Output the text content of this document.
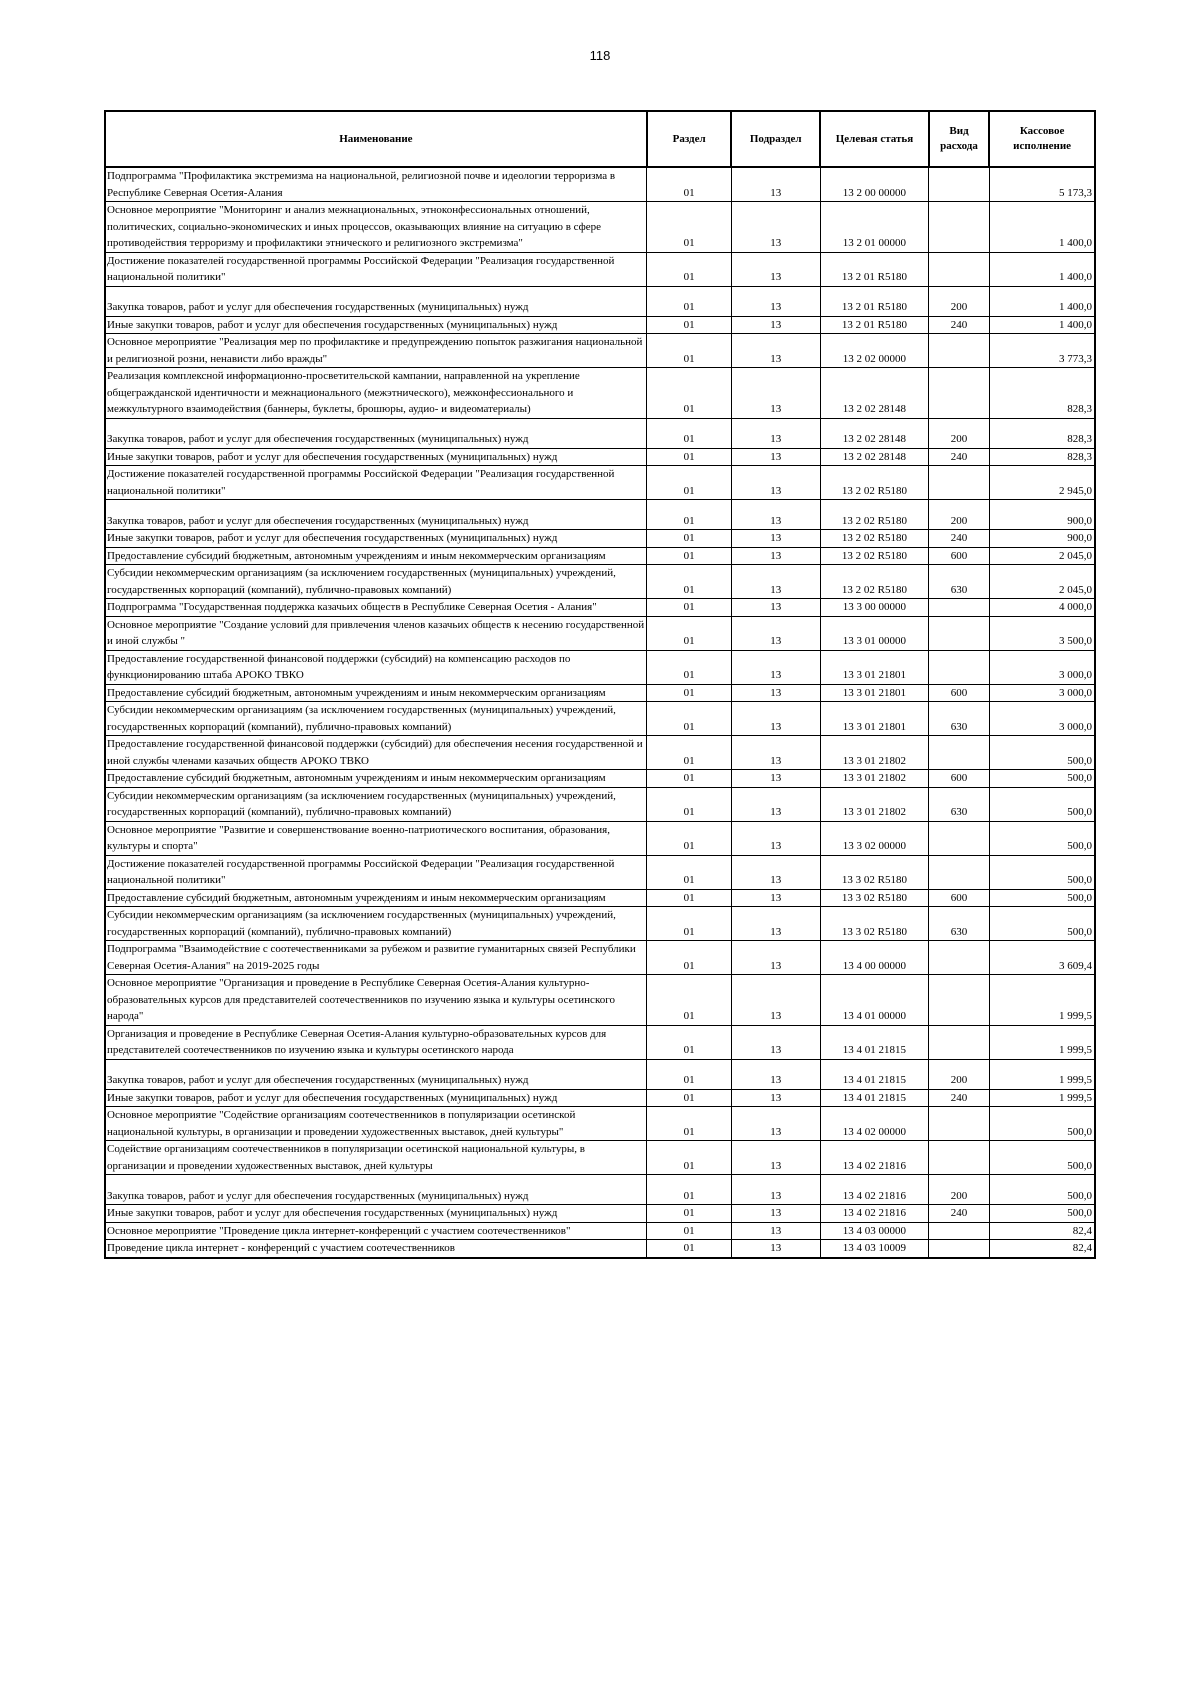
118
Наименование	Раздел	Подраздел	Целевая статья	Вид расхода	Кассовое исполнение
Подпрограмма "Профилактика экстремизма на национальной, религиозной почве и идеологии терроризма в Республике Северная Осетия-Алания	01	13	13 2 00 00000		5 173,3
Основное мероприятие "Мониторинг и анализ межнациональных, этноконфессиональных отношений, политических, социально-экономических и иных процессов, оказывающих влияние на ситуацию в сфере противодействия терроризму и профилактики этнического и религиозного экстремизма"	01	13	13 2 01 00000		1 400,0
Достижение показателей государственной программы Российской Федерации "Реализация государственной национальной политики"	01	13	13 2 01 R5180		1 400,0
Закупка товаров, работ и услуг для обеспечения государственных (муниципальных) нужд	01	13	13 2 01 R5180	200	1 400,0
Иные закупки товаров, работ и услуг для обеспечения государственных (муниципальных) нужд	01	13	13 2 01 R5180	240	1 400,0
Основное мероприятие "Реализация мер по профилактике и предупреждению попыток разжигания национальной и религиозной розни, ненависти либо вражды"	01	13	13 2 02 00000		3 773,3
Реализация комплексной информационно-просветительской кампании, направленной на укрепление общегражданской идентичности и межнационального (межэтнического), межконфессионального и межкультурного взаимодействия (баннеры, буклеты, брошюры, аудио- и видеоматериалы)	01	13	13 2 02 28148		828,3
Закупка товаров, работ и услуг для обеспечения государственных (муниципальных) нужд	01	13	13 2 02 28148	200	828,3
Иные закупки товаров, работ и услуг для обеспечения государственных (муниципальных) нужд	01	13	13 2 02 28148	240	828,3
Достижение показателей государственной программы Российской Федерации "Реализация государственной национальной политики"	01	13	13 2 02 R5180		2 945,0
Закупка товаров, работ и услуг для обеспечения государственных (муниципальных) нужд	01	13	13 2 02 R5180	200	900,0
Иные закупки товаров, работ и услуг для обеспечения государственных (муниципальных) нужд	01	13	13 2 02 R5180	240	900,0
Предоставление субсидий бюджетным, автономным учреждениям и иным некоммерческим организациям	01	13	13 2 02 R5180	600	2 045,0
Субсидии некоммерческим организациям (за исключением государственных (муниципальных) учреждений, государственных корпораций (компаний), публично-правовых компаний)	01	13	13 2 02 R5180	630	2 045,0
Подпрограмма "Государственная поддержка казачьих обществ в Республике Северная Осетия - Алания"	01	13	13 3 00 00000		4 000,0
Основное мероприятие "Создание условий для привлечения членов казачьих обществ к несению государственной и иной службы "	01	13	13 3 01 00000		3 500,0
Предоставление государственной финансовой поддержки (субсидий) на компенсацию расходов по функционированию штаба АРОКО ТВКО	01	13	13 3 01 21801		3 000,0
Предоставление субсидий бюджетным, автономным учреждениям и иным некоммерческим организациям	01	13	13 3 01 21801	600	3 000,0
Субсидии некоммерческим организациям (за исключением государственных (муниципальных) учреждений, государственных корпораций (компаний), публично-правовых компаний)	01	13	13 3 01 21801	630	3 000,0
Предоставление государственной финансовой поддержки (субсидий) для обеспечения несения государственной и иной службы членами казачьих обществ АРОКО ТВКО	01	13	13 3 01 21802		500,0
Предоставление субсидий бюджетным, автономным учреждениям и иным некоммерческим организациям	01	13	13 3 01 21802	600	500,0
Субсидии некоммерческим организациям (за исключением государственных (муниципальных) учреждений, государственных корпораций (компаний), публично-правовых компаний)	01	13	13 3 01 21802	630	500,0
Основное мероприятие "Развитие и совершенствование военно-патриотического воспитания, образования, культуры и спорта"	01	13	13 3 02 00000		500,0
Достижение показателей государственной программы Российской Федерации "Реализация государственной национальной политики"	01	13	13 3 02 R5180		500,0
Предоставление субсидий бюджетным, автономным учреждениям и иным некоммерческим организациям	01	13	13 3 02 R5180	600	500,0
Субсидии некоммерческим организациям (за исключением государственных (муниципальных) учреждений, государственных корпораций (компаний), публично-правовых компаний)	01	13	13 3 02 R5180	630	500,0
Подпрограмма "Взаимодействие с соотечественниками за рубежом и развитие гуманитарных связей Республики Северная Осетия-Алания" на 2019-2025 годы	01	13	13 4 00 00000		3 609,4
Основное мероприятие "Организация и проведение в Республике Северная Осетия-Алания культурно-образовательных курсов для представителей соотечественников по изучению языка и культуры осетинского народа"	01	13	13 4 01 00000		1 999,5
Организация и проведение в Республике Северная Осетия-Алания культурно-образовательных курсов для представителей соотечественников по изучению языка и культуры осетинского народа	01	13	13 4 01 21815		1 999,5
Закупка товаров, работ и услуг для обеспечения государственных (муниципальных) нужд	01	13	13 4 01 21815	200	1 999,5
Иные закупки товаров, работ и услуг для обеспечения государственных (муниципальных) нужд	01	13	13 4 01 21815	240	1 999,5
Основное мероприятие "Содействие организациям соотечественников в популяризации осетинской национальной культуры, в организации и проведении художественных выставок, дней культуры"	01	13	13 4 02 00000		500,0
Содействие организациям соотечественников в популяризации осетинской национальной культуры, в организации и проведении художественных выставок, дней культуры	01	13	13 4 02 21816		500,0
Закупка товаров, работ и услуг для обеспечения государственных (муниципальных) нужд	01	13	13 4 02 21816	200	500,0
Иные закупки товаров, работ и услуг для обеспечения государственных (муниципальных) нужд	01	13	13 4 02 21816	240	500,0
Основное мероприятие "Проведение цикла интернет-конференций с участием соотечественников"	01	13	13 4 03 00000		82,4
Проведение цикла интернет - конференций с участием соотечественников	01	13	13 4 03 10009		82,4
